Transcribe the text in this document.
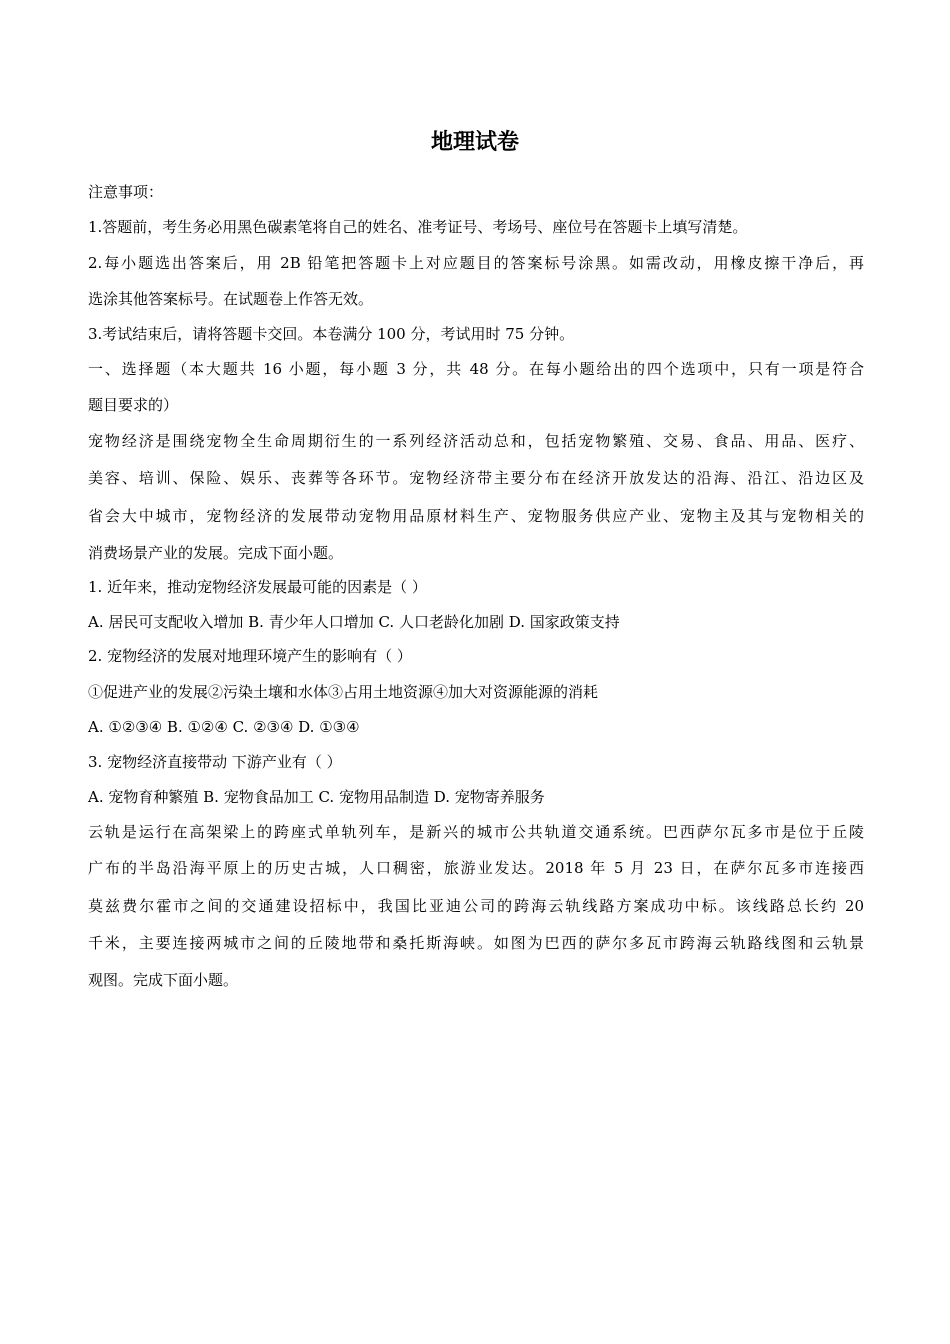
地理试卷
注意事项：
1.答题前，考生务必用黑色碳素笔将自己的姓名、准考证号、考场号、座位号在答题卡上填写清楚。
2.每小题选出答案后，用 2B 铅笔把答题卡上对应题目的答案标号涂黑。如需改动，用橡皮擦干净后，再
选涂其他答案标号。在试题卷上作答无效。
3.考试结束后，请将答题卡交回。本卷满分 100 分，考试用时 75 分钟。
一、选择题（本大题共 16 小题，每小题 3 分，共 48 分。在每小题给出的四个选项中，只有一项是符合
题目要求的）
宠物经济是围绕宠物全生命周期衍生的一系列经济活动总和，包括宠物繁殖、交易、食品、用品、医疗、
美容、培训、保险、娱乐、丧葬等各环节。宠物经济带主要分布在经济开放发达的沿海、沿江、沿边区及
省会大中城市，宠物经济的发展带动宠物用品原材料生产、宠物服务供应产业、宠物主及其与宠物相关的
消费场景产业的发展。完成下面小题。
1. 近年来，推动宠物经济发展最可能的因素是（ ）
A. 居民可支配收入增加 B. 青少年人口增加 C. 人口老龄化加剧 D. 国家政策支持
2. 宠物经济的发展对地理环境产生的影响有（ ）
①促进产业的发展②污染土壤和水体③占用土地资源④加大对资源能源的消耗
A. ①②③④ B. ①②④ C. ②③④ D. ①③④
3. 宠物经济直接带动 下游产业有（ ）
A. 宠物育种繁殖 B. 宠物食品加工 C. 宠物用品制造 D. 宠物寄养服务
云轨是运行在高架梁上的跨座式单轨列车，是新兴的城市公共轨道交通系统。巴西萨尔瓦多市是位于丘陵
广布的半岛沿海平原上的历史古城，人口稠密，旅游业发达。2018 年 5 月 23 日，在萨尔瓦多市连接西
莫兹费尔霍市之间的交通建设招标中，我国比亚迪公司的跨海云轨线路方案成功中标。该线路总长约 20
千米，主要连接两城市之间的丘陵地带和桑托斯海峡。如图为巴西的萨尔多瓦市跨海云轨路线图和云轨景
观图。完成下面小题。
